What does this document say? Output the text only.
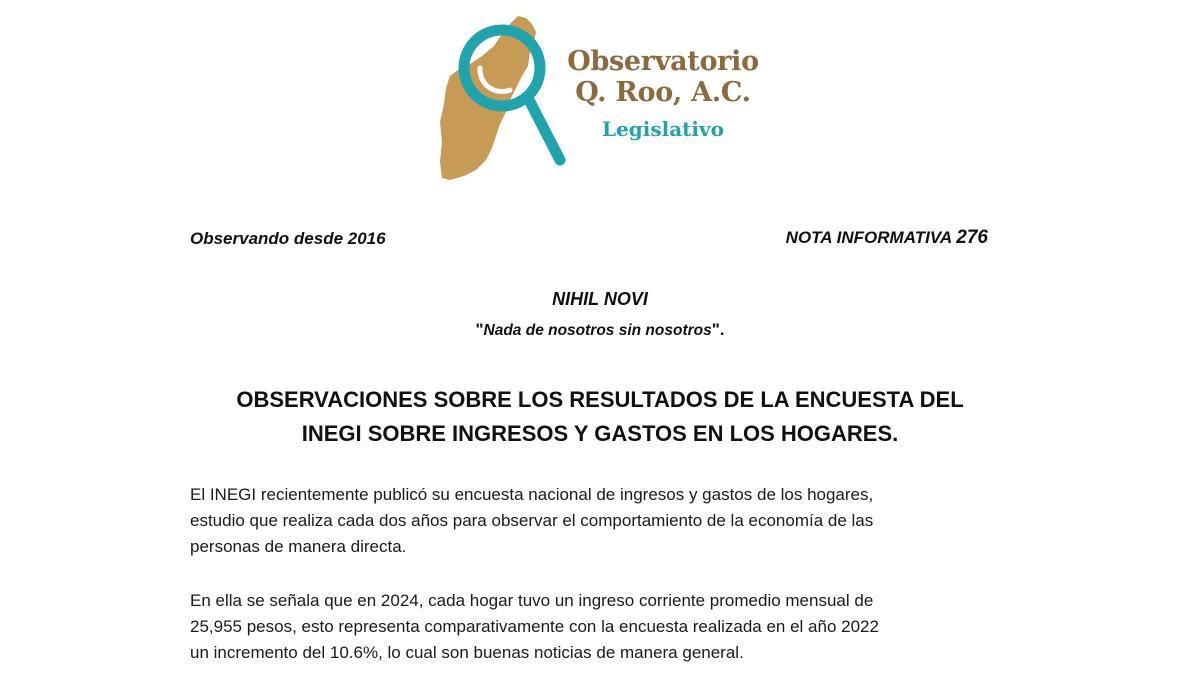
Observatorio
Q. Roo, A.C.
Legislativo
Observando desde 2016	NOTA INFORMATIVA 276
NIHIL NOVI
"Nada de nosotros sin nosotros".
OBSERVACIONES SOBRE LOS RESULTADOS DE LA ENCUESTA DEL
INEGI SOBRE INGRESOS Y GASTOS EN LOS HOGARES.
El INEGI recientemente publicó su encuesta nacional de ingresos y gastos de los hogares,
estudio que realiza cada dos años para observar el comportamiento de la economía de las
personas de manera directa.
En ella se señala que en 2024, cada hogar tuvo un ingreso corriente promedio mensual de
25,955 pesos, esto representa comparativamente con la encuesta realizada en el año 2022
un incremento del 10.6%, lo cual son buenas noticias de manera general.
